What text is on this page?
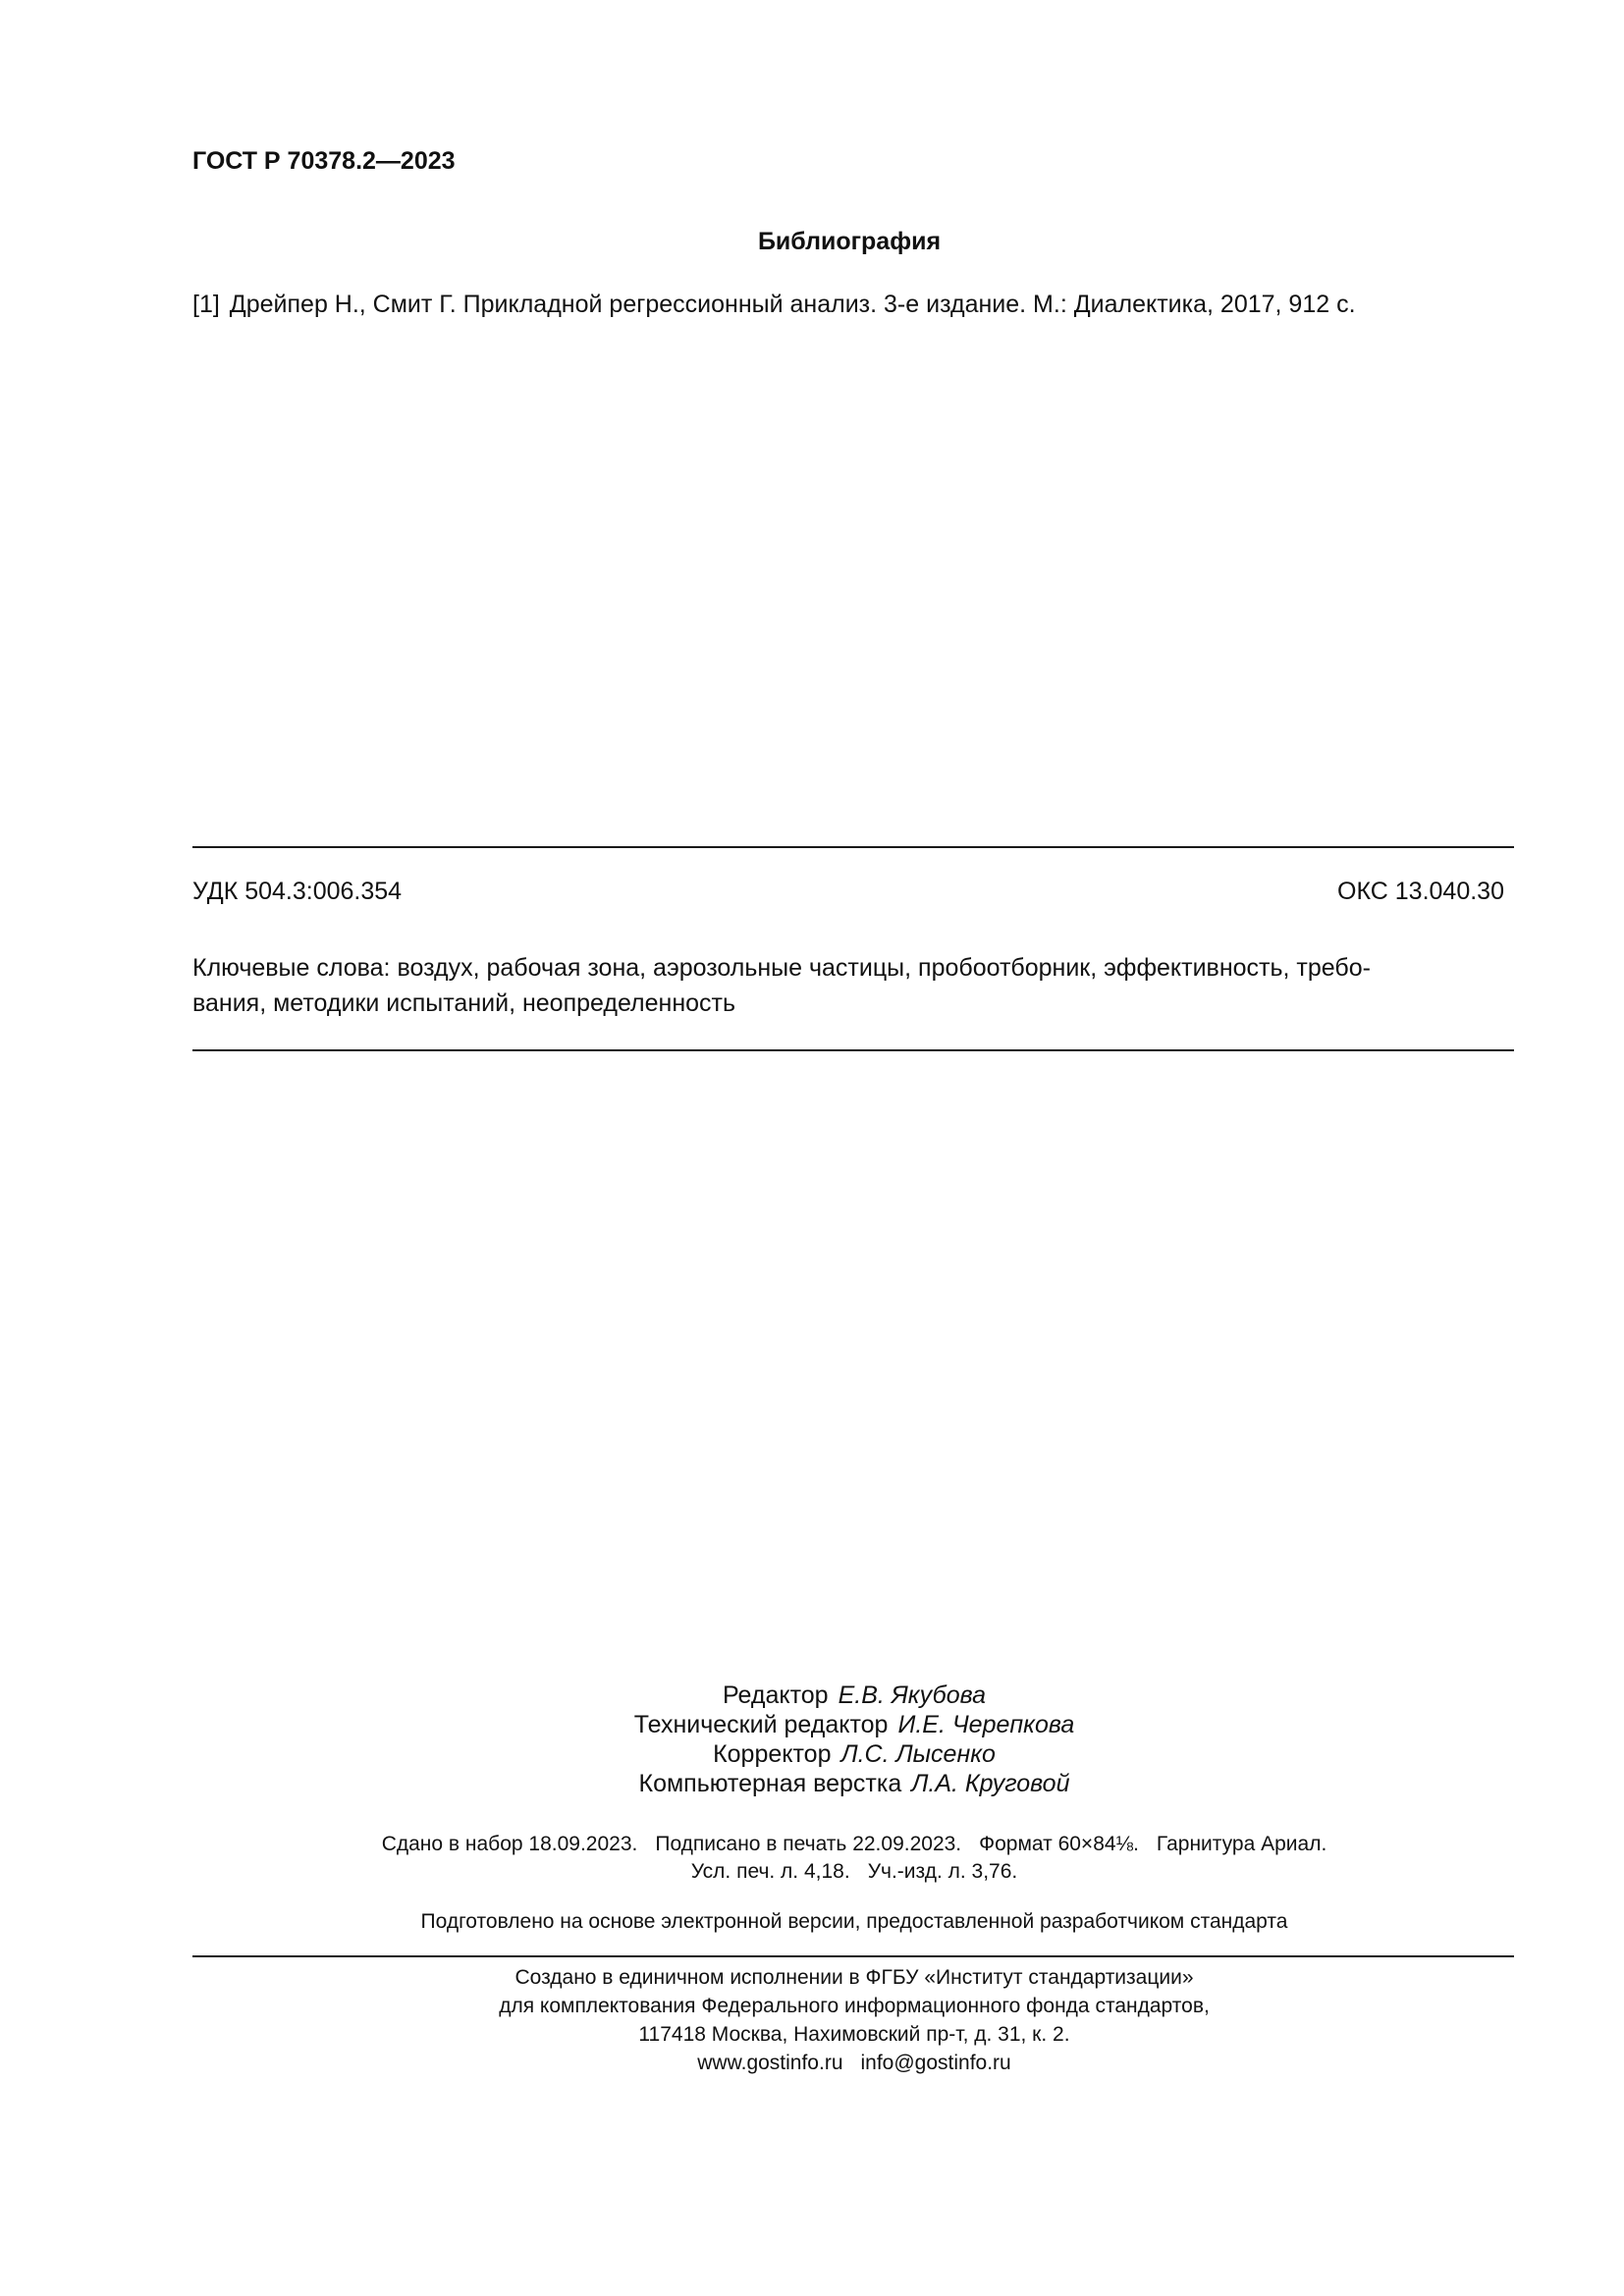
ГОСТ Р 70378.2—2023
Библиография
[1] Дрейпер Н., Смит Г. Прикладной регрессионный анализ. 3-е издание. М.: Диалектика, 2017, 912 с.
УДК 504.3:006.354	ОКС 13.040.30
Ключевые слова: воздух, рабочая зона, аэрозольные частицы, пробоотборник, эффективность, требо-
вания, методики испытаний, неопределенность
Редактор Е.В. Якубова
Технический редактор И.Е. Черепкова
Корректор Л.С. Лысенко
Компьютерная верстка Л.А. Круговой
Сдано в набор 18.09.2023. Подписано в печать 22.09.2023. Формат 60×84⅛. Гарнитура Ариал.
Усл. печ. л. 4,18. Уч.-изд. л. 3,76.
Подготовлено на основе электронной версии, предоставленной разработчиком стандарта
Создано в единичном исполнении в ФГБУ «Институт стандартизации»
для комплектования Федерального информационного фонда стандартов,
117418 Москва, Нахимовский пр-т, д. 31, к. 2.
www.gostinfo.ru info@gostinfo.ru
